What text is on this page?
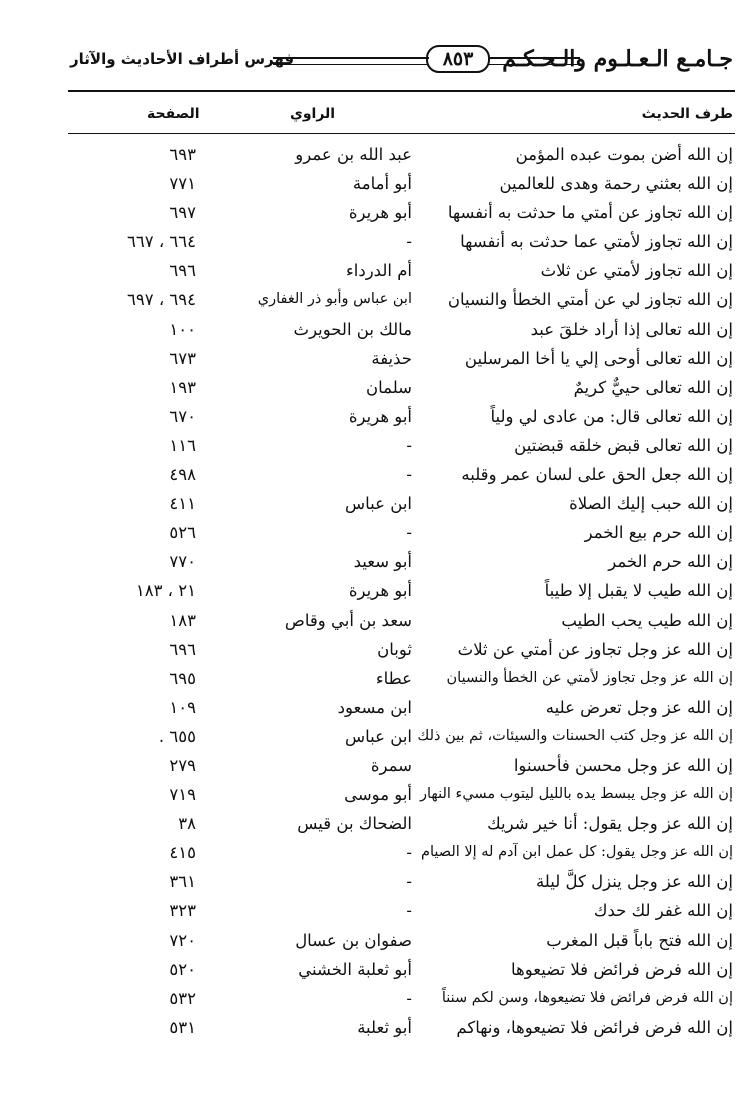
جـامـع الـعـلـوم والـحـكـم
٨٥٣
فهرس أطراف الأحاديث والآثار
طرف الحديث
الراوي
الصفحة
إن الله أضن بموت عبده المؤمن
عبد الله بن عمرو
٦٩٣
إن الله بعثني رحمة وهدى للعالمين
أبو أمامة
٧٧١
إن الله تجاوز عن أمتي ما حدثت به أنفسها
أبو هريرة
٦٩٧
إن الله تجاوز لأمتي عما حدثت به أنفسها
-
٦٦٤ ، ٦٦٧
إن الله تجاوز لأمتي عن ثلاث
أم الدرداء
٦٩٦
إن الله تجاوز لي عن أمتي الخطأ والنسيان
ابن عباس وأبو ذر الغفاري
٦٩٤ ، ٦٩٧
إن الله تعالى إذا أراد خلقَ عبد
مالك بن الحويرث
١٠٠
إن الله تعالى أوحى إلي يا أخا المرسلين
حذيفة
٦٧٣
إن الله تعالى حييٌّ كريمٌ
سلمان
١٩٣
إن الله تعالى قال: من عادى لي ولياً
أبو هريرة
٦٧٠
إن الله تعالى قبض خلقه قبضتين
-
١١٦
إن الله جعل الحق على لسان عمر وقلبه
-
٤٩٨
إن الله حبب إليك الصلاة
ابن عباس
٤١١
إن الله حرم بيع الخمر
-
٥٢٦
إن الله حرم الخمر
أبو سعيد
٧٧٠
إن الله طيب لا يقبل إلا طيباً
أبو هريرة
٢١ ، ١٨٣
إن الله طيب يحب الطيب
سعد بن أبي وقاص
١٨٣
إن الله عز وجل تجاوز عن أمتي عن ثلاث
ثوبان
٦٩٦
إن الله عز وجل تجاوز لأمتي عن الخطأ والنسيان
عطاء
٦٩٥
إن الله عز وجل تعرض عليه
ابن مسعود
١٠٩
إن الله عز وجل كتب الحسنات والسيئات، ثم بين ذلك
ابن عباس
٦٥٥ .
إن الله عز وجل محسن فأحسنوا
سمرة
٢٧٩
إن الله عز وجل يبسط يده بالليل ليتوب مسيء النهار
أبو موسى
٧١٩
إن الله عز وجل يقول: أنا خير شريك
الضحاك بن قيس
٣٨
إن الله عز وجل يقول: كل عمل ابن آدم له إلا الصيام
-
٤١٥
إن الله عز وجل ينزل كلَّ ليلة
-
٣٦١
إن الله غفر لك حدك
-
٣٢٣
إن الله فتح باباً قبل المغرب
صفوان بن عسال
٧٢٠
إن الله فرض فرائض فلا تضيعوها
أبو ثعلبة الخشني
٥٢٠
إن الله فرض فرائض فلا تضيعوها، وسن لكم سنناً
-
٥٣٢
إن الله فرض فرائض فلا تضيعوها، ونهاكم
أبو ثعلبة
٥٣١
